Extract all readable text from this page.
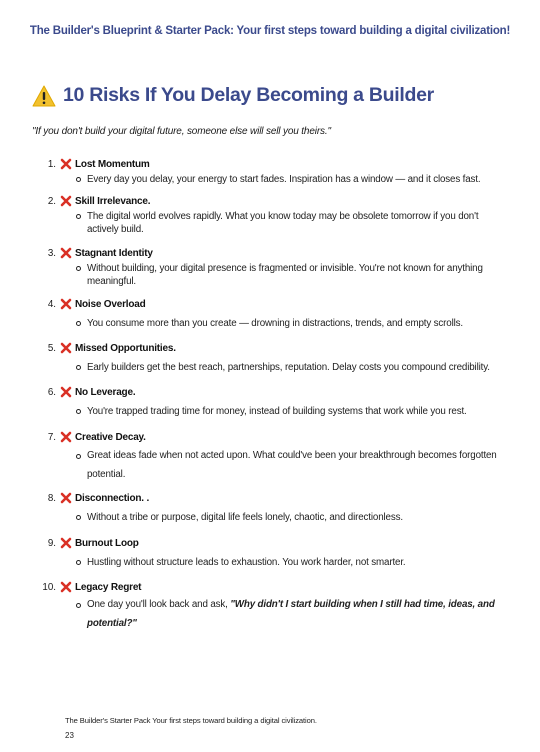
The Builder's Blueprint & Starter Pack: Your first steps toward building a digital civilization!
10 Risks If You Delay Becoming a Builder

"If you don't build your digital future, someone else will sell you theirs."

1. Lost Momentum
Every day you delay, your energy to start fades. Inspiration has a window — and it closes fast.
2. Skill Irrelevance.
The digital world evolves rapidly. What you know today may be obsolete tomorrow if you don't actively build.
3. Stagnant Identity
Without building, your digital presence is fragmented or invisible. You're not known for anything meaningful.
4. Noise Overload
You consume more than you create — drowning in distractions, trends, and empty scrolls.
5. Missed Opportunities.
Early builders get the best reach, partnerships, reputation. Delay costs you compound credibility.
6. No Leverage.
You're trapped trading time for money, instead of building systems that work while you rest.
7. Creative Decay.
Great ideas fade when not acted upon. What could've been your breakthrough becomes forgotten potential.
8. Disconnection. .
Without a tribe or purpose, digital life feels lonely, chaotic, and directionless.
9. Burnout Loop
Hustling without structure leads to exhaustion. You work harder, not smarter.
10. Legacy Regret
One day you'll look back and ask, "Why didn't I start building when I still had time, ideas, and potential?"
The Builder's Starter Pack Your first steps toward building a digital civilization.
23
